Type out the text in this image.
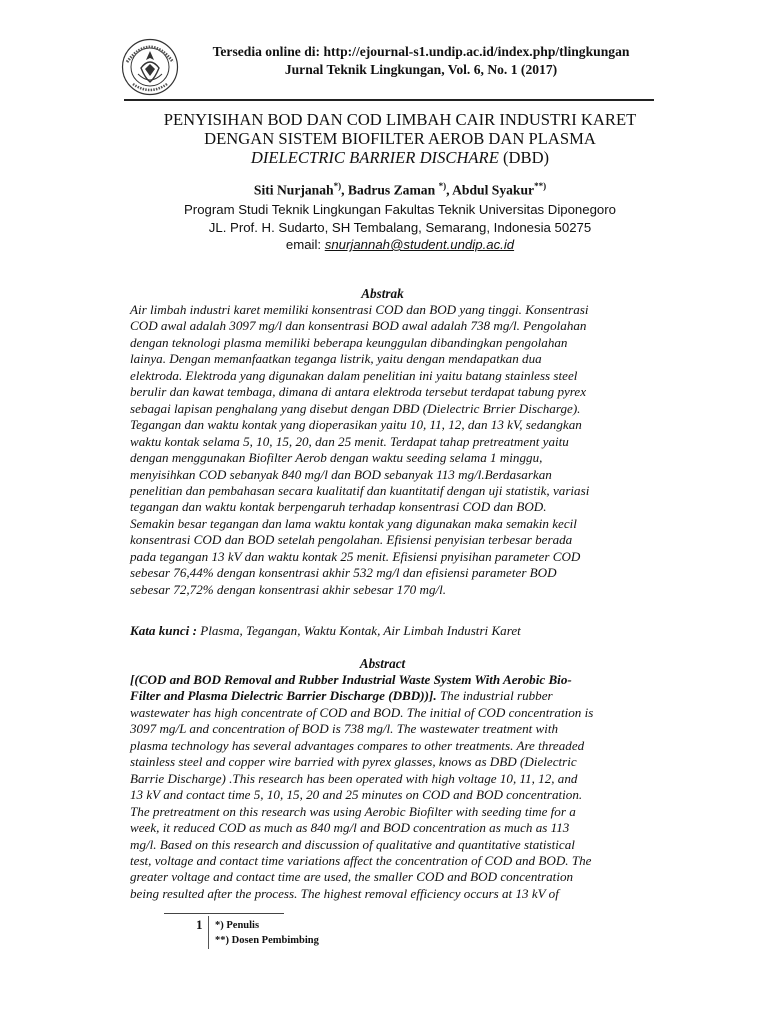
Tersedia online di: http://ejournal-s1.undip.ac.id/index.php/tlingkungan
Jurnal Teknik Lingkungan, Vol. 6, No. 1 (2017)
PENYISIHAN BOD DAN COD LIMBAH CAIR INDUSTRI KARET
DENGAN SISTEM BIOFILTER AEROB DAN PLASMA
DIELECTRIC BARRIER DISCHARE (DBD)
Siti Nurjanah*), Badrus Zaman *), Abdul Syakur**)
Program Studi Teknik Lingkungan Fakultas Teknik Universitas Diponegoro
JL. Prof. H. Sudarto, SH Tembalang, Semarang, Indonesia 50275
email: snurjannah@student.undip.ac.id
Abstrak
Air limbah industri karet memiliki konsentrasi COD dan BOD yang tinggi. Konsentrasi
COD awal adalah 3097 mg/l dan konsentrasi BOD awal adalah 738 mg/l. Pengolahan
dengan teknologi plasma memiliki beberapa keunggulan dibandingkan pengolahan
lainya. Dengan memanfaatkan teganga listrik, yaitu dengan mendapatkan dua
elektroda. Elektroda yang digunakan dalam penelitian ini yaitu batang stainless steel
berulir dan kawat tembaga, dimana di antara elektroda tersebut terdapat tabung pyrex
sebagai lapisan penghalang yang disebut dengan DBD (Dielectric Brrier Discharge).
Tegangan dan waktu kontak yang dioperasikan yaitu 10, 11, 12, dan 13 kV, sedangkan
waktu kontak selama 5, 10, 15, 20, dan 25 menit. Terdapat tahap pretreatment yaitu
dengan menggunakan Biofilter Aerob dengan waktu seeding selama 1 minggu,
menyisihkan COD sebanyak 840 mg/l dan BOD sebanyak 113 mg/l.Berdasarkan
penelitian dan pembahasan secara kualitatif dan kuantitatif dengan uji statistik, variasi
tegangan dan waktu kontak berpengaruh terhadap konsentrasi COD dan BOD.
Semakin besar tegangan dan lama waktu kontak yang digunakan maka semakin kecil
konsentrasi COD dan BOD setelah pengolahan. Efisiensi penyisian terbesar berada
pada tegangan 13 kV dan waktu kontak 25 menit. Efisiensi pnyisihan parameter COD
sebesar 76,44% dengan konsentrasi akhir 532 mg/l dan efisiensi parameter BOD
sebesar 72,72% dengan konsentrasi akhir sebesar 170 mg/l.
Kata kunci : Plasma, Tegangan, Waktu Kontak, Air Limbah Industri Karet
Abstract
[(COD and BOD Removal and Rubber Industrial Waste System With Aerobic Bio-
Filter and Plasma Dielectric Barrier Discharge (DBD))]. The industrial rubber
wastewater has high concentrate of COD and BOD. The initial of COD concentration is
3097 mg/L and concentration of BOD is 738 mg/l. The wastewater treatment with
plasma technology has several advantages compares to other treatments. Are threaded
stainless steel and copper wire barried with pyrex glasses, knows as DBD (Dielectric
Barrie Discharge) .This research has been operated with high voltage 10, 11, 12, and
13 kV and contact time 5, 10, 15, 20 and 25 minutes on COD and BOD concentration.
The pretreatment on this research was using Aerobic Biofilter with seeding time for a
week, it reduced COD as much as 840 mg/l and BOD concentration as much as 113
mg/l. Based on this research and discussion of qualitative and quantitative statistical
test, voltage and contact time variations affect the concentration of COD and BOD. The
greater voltage and contact time are used, the smaller COD and BOD concentration
being resulted after the process. The highest removal efficiency occurs at 13 kV of
1 *) Penulis
**) Dosen Pembimbing
